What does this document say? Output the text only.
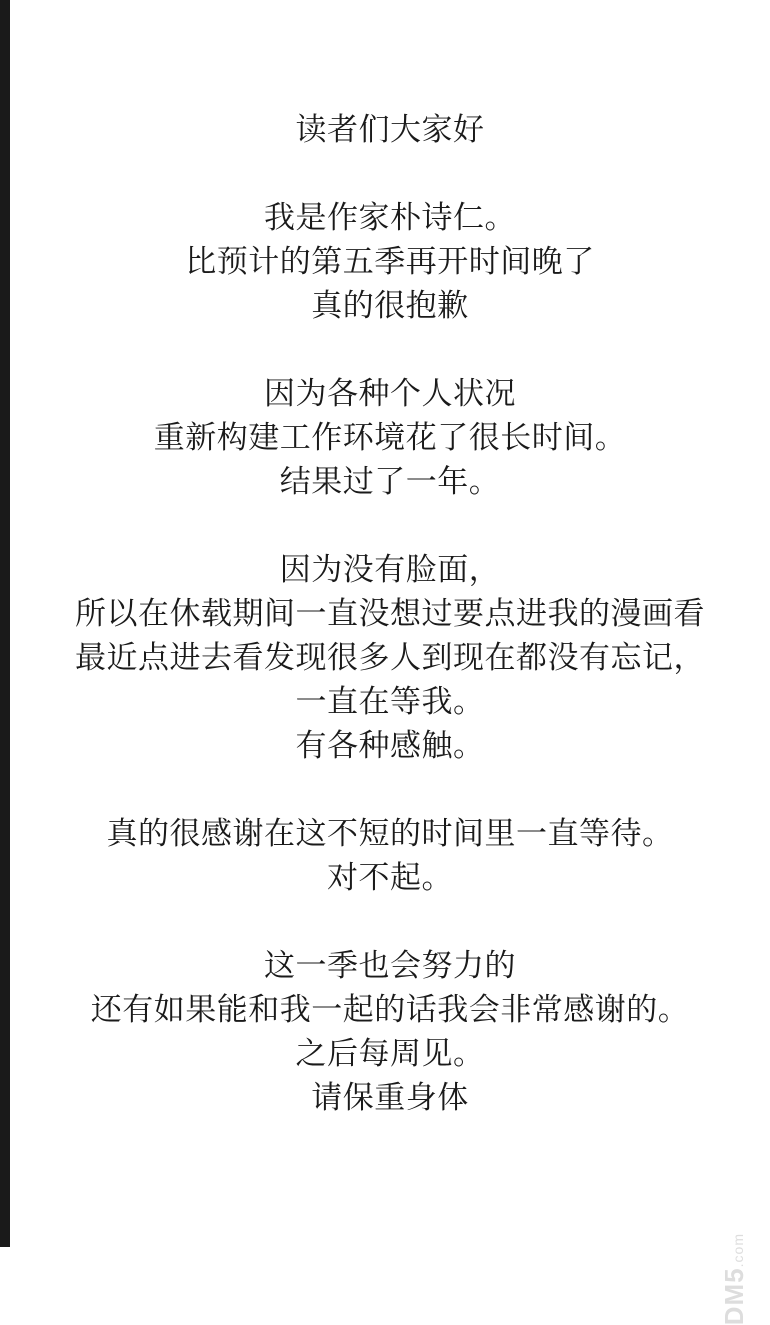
读者们大家好
我是作家朴诗仁。
比预计的第五季再开时间晚了
真的很抱歉
因为各种个人状况
重新构建工作环境花了很长时间。
结果过了一年。
因为没有脸面，
所以在休载期间一直没想过要点进我的漫画看
最近点进去看发现很多人到现在都没有忘记，
一直在等我。
有各种感触。
真的很感谢在这不短的时间里一直等待。
对不起。
这一季也会努力的
还有如果能和我一起的话我会非常感谢的。
之后每周见。
请保重身体
DM5.com
